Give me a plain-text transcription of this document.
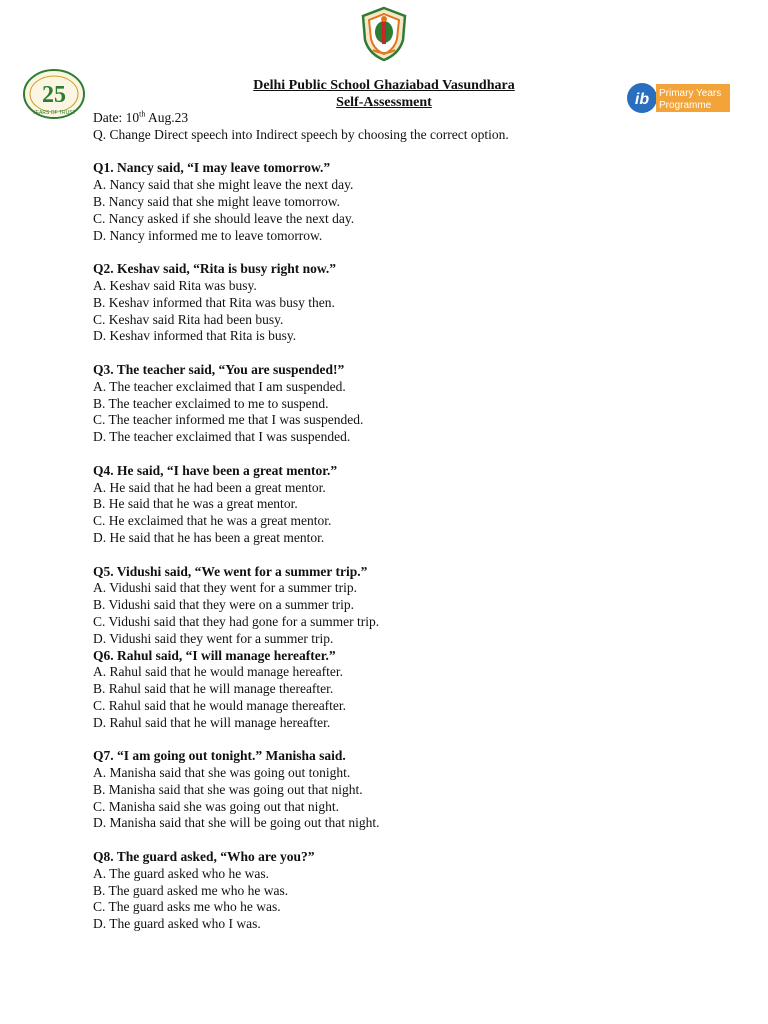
25
YEARS OF TRUST
ib Primary Years
Programme
Delhi Public School Ghaziabad Vasundhara
Self-Assessment

Date: 10th Aug.23

Q. Change Direct speech into Indirect speech by choosing the correct option.

Q1. Nancy said, “I may leave tomorrow.”

A. Nancy said that she might leave the next day.

B. Nancy said that she might leave tomorrow.

C. Nancy asked if she should leave the next day.

D. Nancy informed me to leave tomorrow.

Q2. Keshav said, “Rita is busy right now.”

A. Keshav said Rita was busy.

B. Keshav informed that Rita was busy then.

C. Keshav said Rita had been busy.

D. Keshav informed that Rita is busy.

Q3. The teacher said, “You are suspended!”

A. The teacher exclaimed that I am suspended.

B. The teacher exclaimed to me to suspend.

C. The teacher informed me that I was suspended.

D. The teacher exclaimed that I was suspended.

Q4. He said, “I have been a great mentor.”

A. He said that he had been a great mentor.

B. He said that he was a great mentor.

C. He exclaimed that he was a great mentor.

D. He said that he has been a great mentor.

Q5. Vidushi said, “We went for a summer trip.”

A. Vidushi said that they went for a summer trip.

B. Vidushi said that they were on a summer trip.

C. Vidushi said that they had gone for a summer trip.

D. Vidushi said they went for a summer trip.

Q6. Rahul said, “I will manage hereafter.”

A. Rahul said that he would manage hereafter.

B. Rahul said that he will manage thereafter.

C. Rahul said that he would manage thereafter.

D. Rahul said that he will manage hereafter.

Q7. “I am going out tonight.” Manisha said.

A. Manisha said that she was going out tonight.

B. Manisha said that she was going out that night.

C. Manisha said she was going out that night.

D. Manisha said that she will be going out that night.

Q8. The guard asked, “Who are you?”

A. The guard asked who he was.

B. The guard asked me who he was.

C. The guard asks me who he was.

D. The guard asked who I was.
